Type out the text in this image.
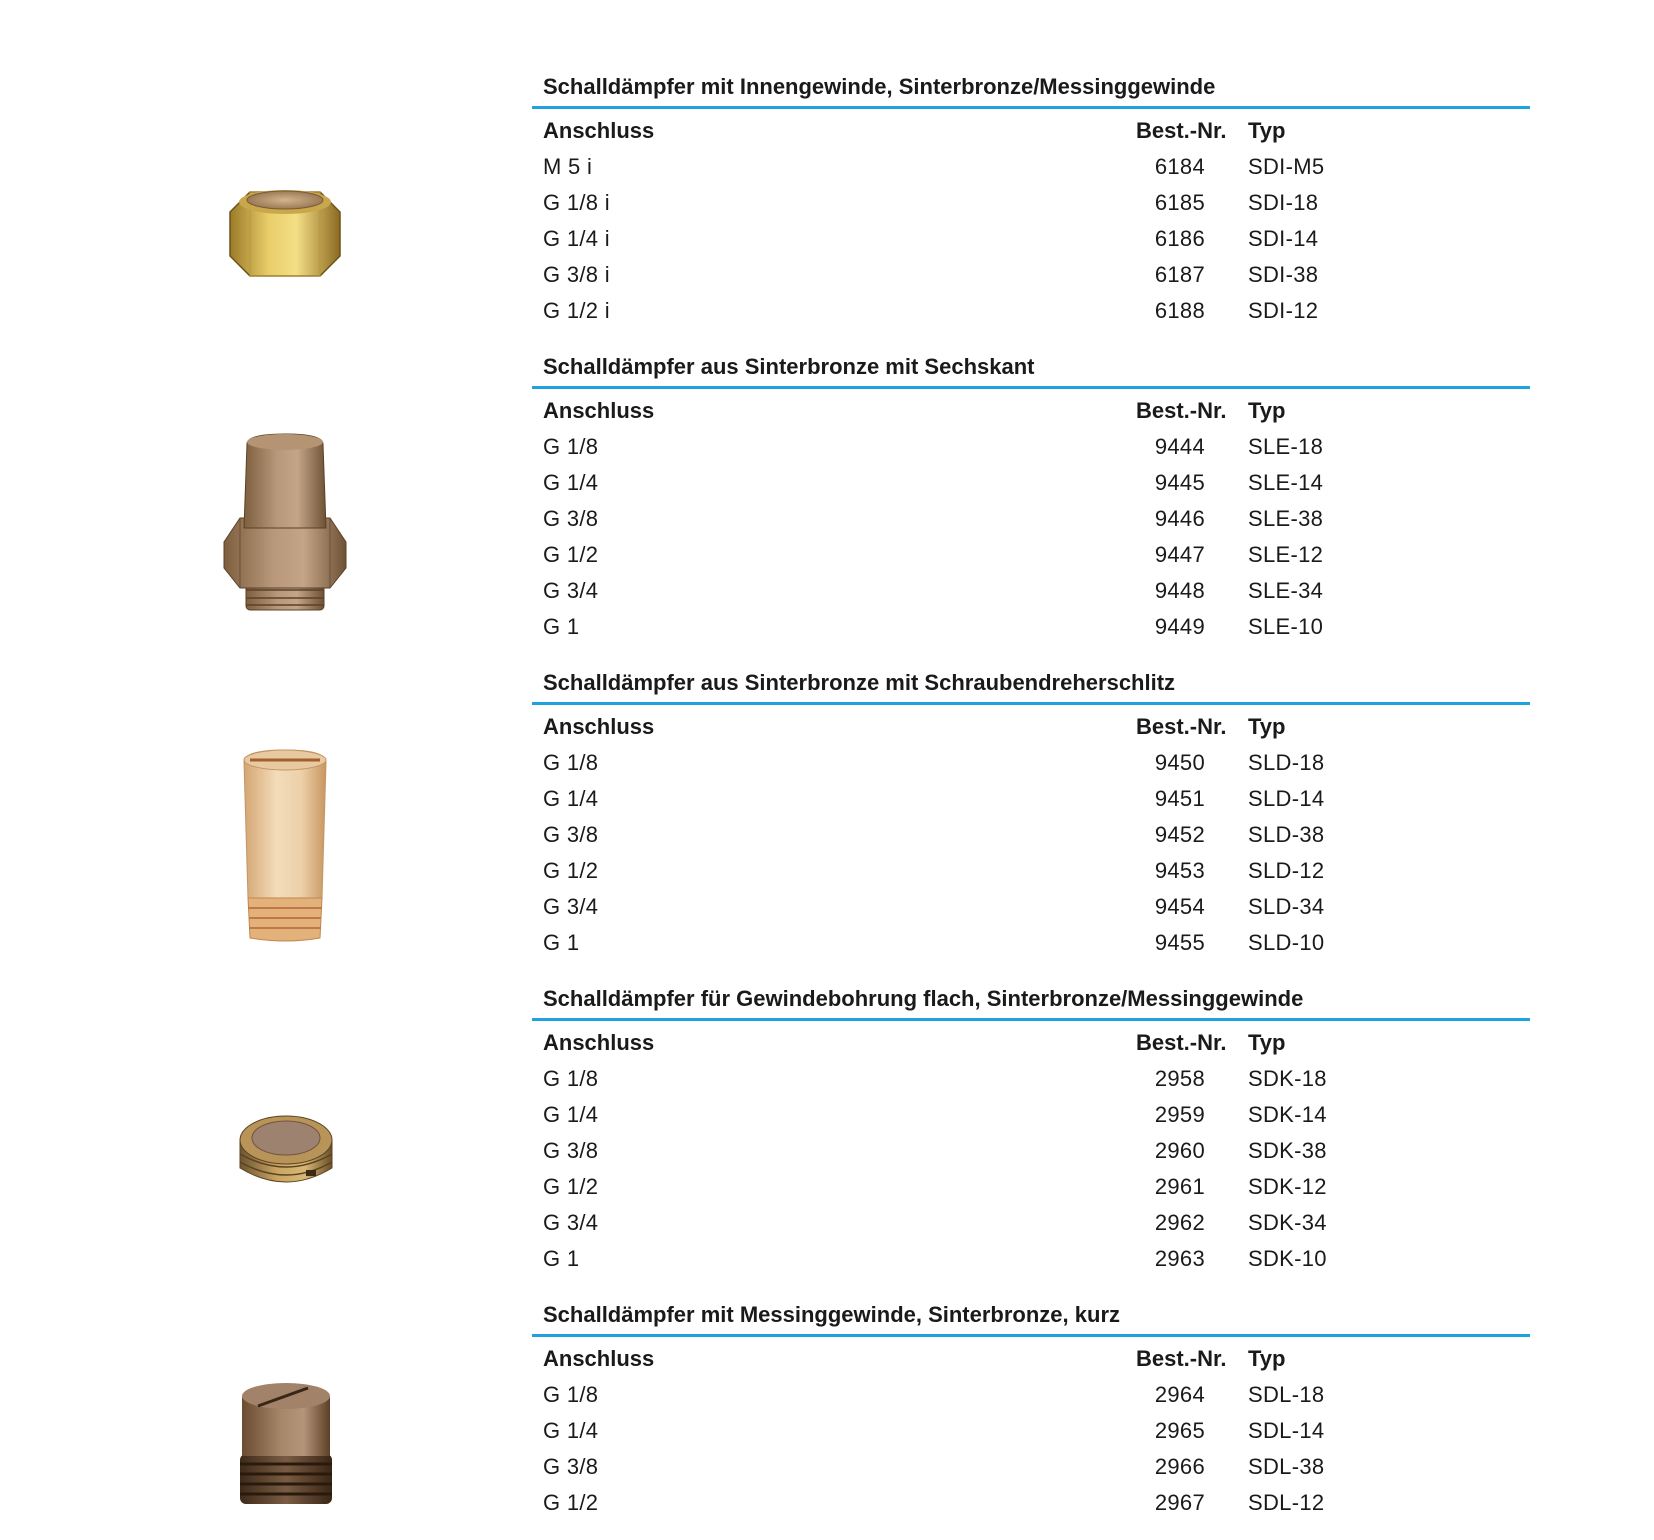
Schalldämpfer mit Innengewinde, Sinterbronze/Messinggewinde
Anschluss	Best.-Nr. Typ
M 5 i	6184 SDI-M5
G 1/8 i	6185 SDI-18
G 1/4 i	6186 SDI-14
G 3/8 i	6187 SDI-38
G 1/2 i	6188 SDI-12
Schalldämpfer aus Sinterbronze mit Sechskant
Anschluss	Best.-Nr. Typ
G 1/8	9444 SLE-18
G 1/4	9445 SLE-14
G 3/8	9446 SLE-38
G 1/2	9447 SLE-12
G 3/4	9448 SLE-34
G 1	9449 SLE-10
Schalldämpfer aus Sinterbronze mit Schraubendreherschlitz
Anschluss	Best.-Nr. Typ
G 1/8	9450 SLD-18
G 1/4	9451 SLD-14
G 3/8	9452 SLD-38
G 1/2	9453 SLD-12
G 3/4	9454 SLD-34
G 1	9455 SLD-10
Schalldämpfer für Gewindebohrung flach, Sinterbronze/Messinggewinde
Anschluss	Best.-Nr. Typ
G 1/8	2958 SDK-18
G 1/4	2959 SDK-14
G 3/8	2960 SDK-38
G 1/2	2961 SDK-12
G 3/4	2962 SDK-34
G 1	2963 SDK-10
Schalldämpfer mit Messinggewinde, Sinterbronze, kurz
Anschluss	Best.-Nr. Typ
G 1/8	2964 SDL-18
G 1/4	2965 SDL-14
G 3/8	2966 SDL-38
G 1/2	2967 SDL-12
